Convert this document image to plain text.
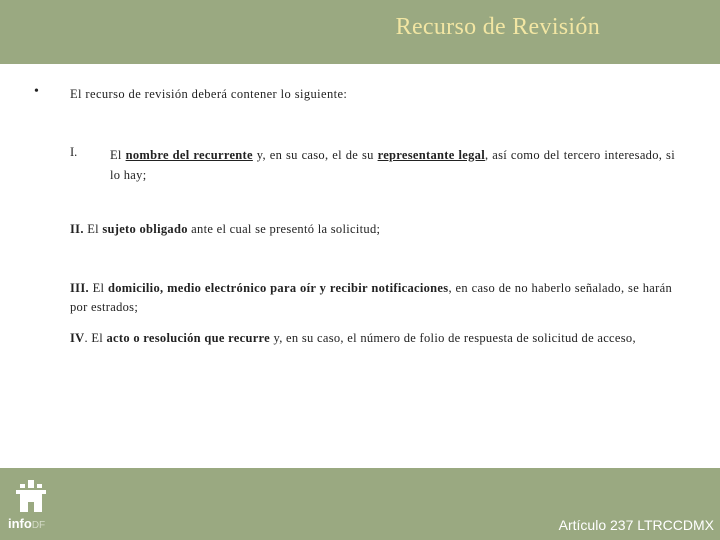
Recurso de Revisión
• El recurso de revisión deberá contener lo siguiente:
I.	El nombre del recurrente y, en su caso, el de su representante legal, así como del tercero interesado, si lo hay;
II. El sujeto obligado ante el cual se presentó la solicitud;
III. El domicilio, medio electrónico para oír y recibir notificaciones, en caso de no haberlo señalado, se harán por estrados;
IV. El acto o resolución que recurre y, en su caso, el número de folio de respuesta de solicitud de acceso,
Artículo 237 LTRCCDMX
infoDF
